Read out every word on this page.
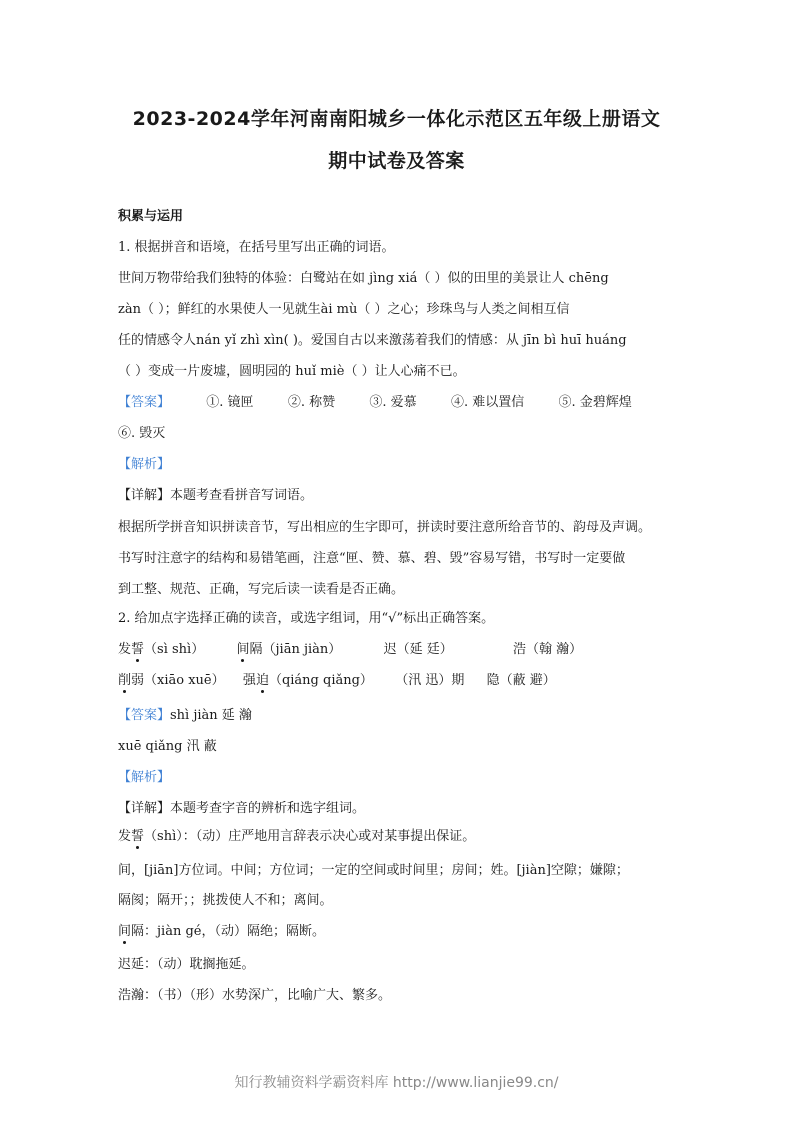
2023-2024学年河南南阳城乡一体化示范区五年级上册语文
期中试卷及答案
积累与运用
1. 根据拼音和语境，在括号里写出正确的词语。
世间万物带给我们独特的体验：白鹭站在如 jìng xiá（ ）似的田里的美景让人 chēng
zàn（ ）；鲜红的水果使人一见就生ài mù（ ）之心；珍珠鸟与人类之间相互信
任的情感令人nán yǐ zhì xìn( )。爱国自古以来激荡着我们的情感：从 jīn bì huī huáng
（ ）变成一片废墟，圆明园的 huǐ miè（ ）让人心痛不已。
【答案】	①. 镜匣	②. 称赞	③. 爱慕	④. 难以置信	⑤. 金碧辉煌
⑥. 毁灭
【解析】
【详解】本题考查看拼音写词语。
根据所学拼音知识拼读音节，写出相应的生字即可，拼读时要注意所给音节的、韵母及声调。
书写时注意字的结构和易错笔画，注意“匣、赞、慕、碧、毁”容易写错，书写时一定要做
到工整、规范、正确，写完后读一读看是否正确。
2. 给加点字选择正确的读音，或选字组词，用“√”标出正确答案。
发誓（sì shì） 间隔（jiān jiàn）	迟（延 廷）	浩（翰 瀚）
削弱（xiāo xuē） 强迫（qiáng qiǎng） （汛 迅）期 隐（蔽 避）
【答案】shì jiàn 延 瀚
xuē qiǎng 汛 蔽
【解析】
【详解】本题考查字音的辨析和选字组词。
发誓（shì）：（动）庄严地用言辞表示决心或对某事提出保证。
间，[jiān]方位词。中间；方位词；一定的空间或时间里；房间；姓。[jiàn]空隙；嫌隙；
隔阂；隔开；；挑拨使人不和；离间。
间隔：jiàn gé，（动）隔绝；隔断。
迟延：（动）耽搁拖延。
浩瀚：（书）（形）水势深广，比喻广大、繁多。
知行教辅资料学霸资料库 http://www.lianjie99.cn/
